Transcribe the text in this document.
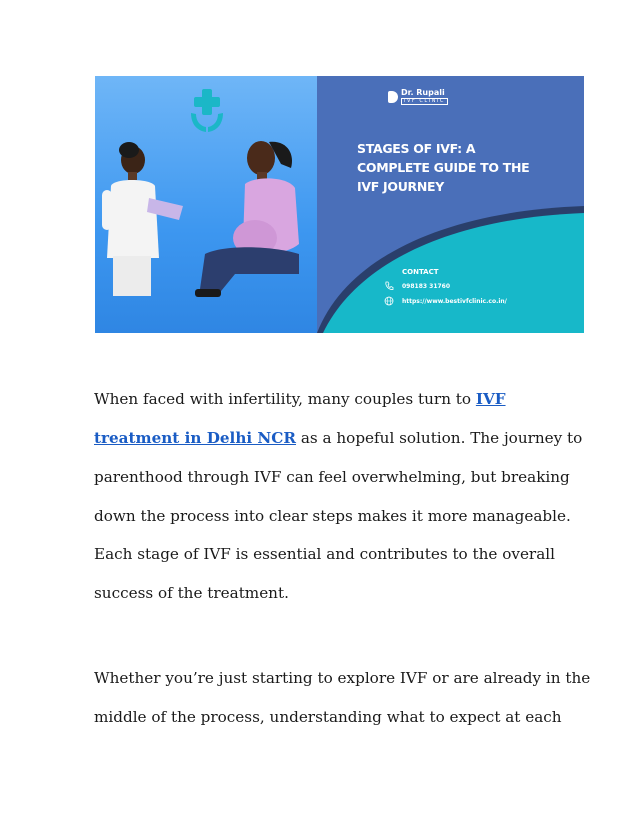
Dr. Rupali
IVF CLINIC
STAGES OF IVF: A
COMPLETE GUIDE TO THE
IVF JOURNEY
CONTACT
098183 31760
https://www.bestivfclinic.co.in/
When faced with infertility, many couples turn to IVF
treatment in Delhi NCR as a hopeful solution. The journey to
parenthood through IVF can feel overwhelming, but breaking
down the process into clear steps makes it more manageable.
Each stage of IVF is essential and contributes to the overall
success of the treatment.
Whether you’re just starting to explore IVF or are already in the
middle of the process, understanding what to expect at each
